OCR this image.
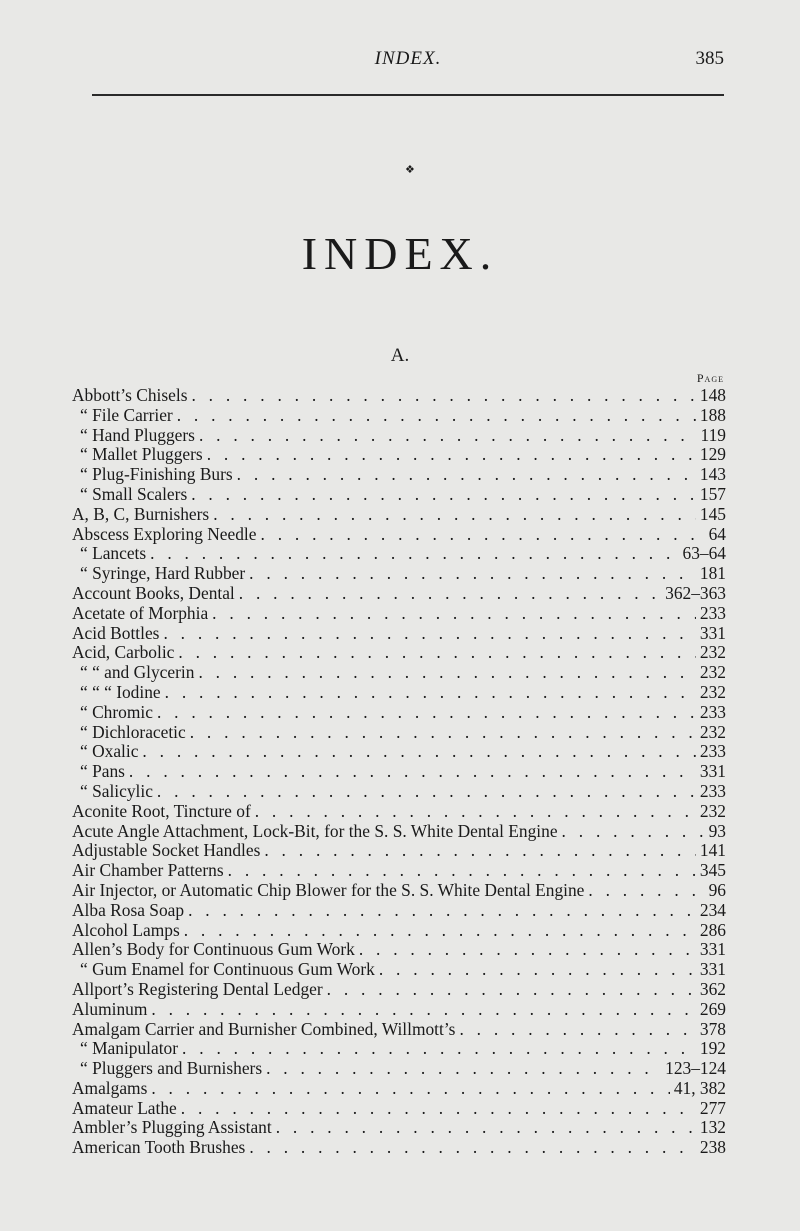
INDEX.	385
❖
INDEX.
A.
Page
Abbott’s Chisels . . .	148
“ File Carrier . . .	188
“ Hand Pluggers . . .	119
“ Mallet Pluggers . . .	129
“ Plug-Finishing Burs . . .	143
“ Small Scalers . . .	157
A, B, C, Burnishers . . .	145
Abscess Exploring Needle . . .	64
“ Lancets . . .	63–64
“ Syringe, Hard Rubber . . .	181
Account Books, Dental . . .	362–363
Acetate of Morphia . . .	233
Acid Bottles . . .	331
Acid, Carbolic . . .	232
“ “ and Glycerin . . .	232
“ “ “ Iodine . . .	232
“ Chromic . . .	233
“ Dichloracetic . . .	232
“ Oxalic . . .	233
“ Pans . . .	331
“ Salicylic . . .	233
Aconite Root, Tincture of . . .	232
Acute Angle Attachment, Lock-Bit, for the S. S. White Dental Engine . . .	93
Adjustable Socket Handles . . .	141
Air Chamber Patterns . . .	345
Air Injector, or Automatic Chip Blower for the S. S. White Dental Engine . . .	96
Alba Rosa Soap . . .	234
Alcohol Lamps . . .	286
Allen’s Body for Continuous Gum Work . . .	331
“ Gum Enamel for Continuous Gum Work . . .	331
Allport’s Registering Dental Ledger . . .	362
Aluminum . . .	269
Amalgam Carrier and Burnisher Combined, Willmott’s . . .	378
“ Manipulator . . .	192
“ Pluggers and Burnishers . . .	123–124
Amalgams . . .	41, 382
Amateur Lathe . . .	277
Ambler’s Plugging Assistant . . .	132
American Tooth Brushes . . .	238
